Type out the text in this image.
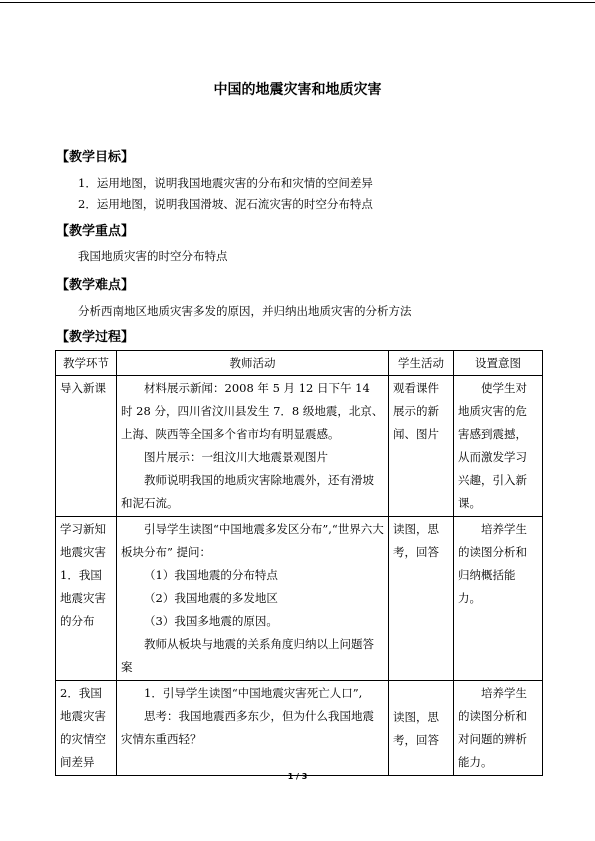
中国的地震灾害和地质灾害
【教学目标】
1．运用地图，说明我国地震灾害的分布和灾情的空间差异
2．运用地图，说明我国滑坡、泥石流灾害的时空分布特点
【教学重点】
我国地质灾害的时空分布特点
【教学难点】
分析西南地区地质灾害多发的原因，并归纳出地质灾害的分析方法
【教学过程】
教学环节	教师活动	学生活动	设置意图
导入新课	材料展示新闻：2008 年 5 月 12 日下午 14 时 28 分，四川省汶川县发生 7．8 级地震，北京、上海、陕西等全国多个省市均有明显震感。

图片展示：一组汶川大地震景观图片

教师说明我国的地质灾害除地震外，还有滑坡和泥石流。	观看课件展示的新闻、图片	使学生对地质灾害的危害感到震撼，从而激发学习兴趣，引入新课。

学习新知地震灾害 1．我国地震灾害的分布	引导学生读图“中国地震多发区分布”,“世界六大板块分布” 提问：

（1）我国地震的分布特点

（2）我国地震的多发地区

（3）我国多地震的原因。

教师从板块与地震的关系角度归纳以上问题答案	读图，思考，回答	培养学生的读图分析和归纳概括能力。

2．我国地震灾害的灾情空间差异	1．引导学生读图“中国地震灾害死亡人口”,

思考：我国地震西多东少，但为什么我国地震灾情东重西轻？	读图，思考，回答	培养学生的读图分析和对问题的辨析能力。

1 / 3
